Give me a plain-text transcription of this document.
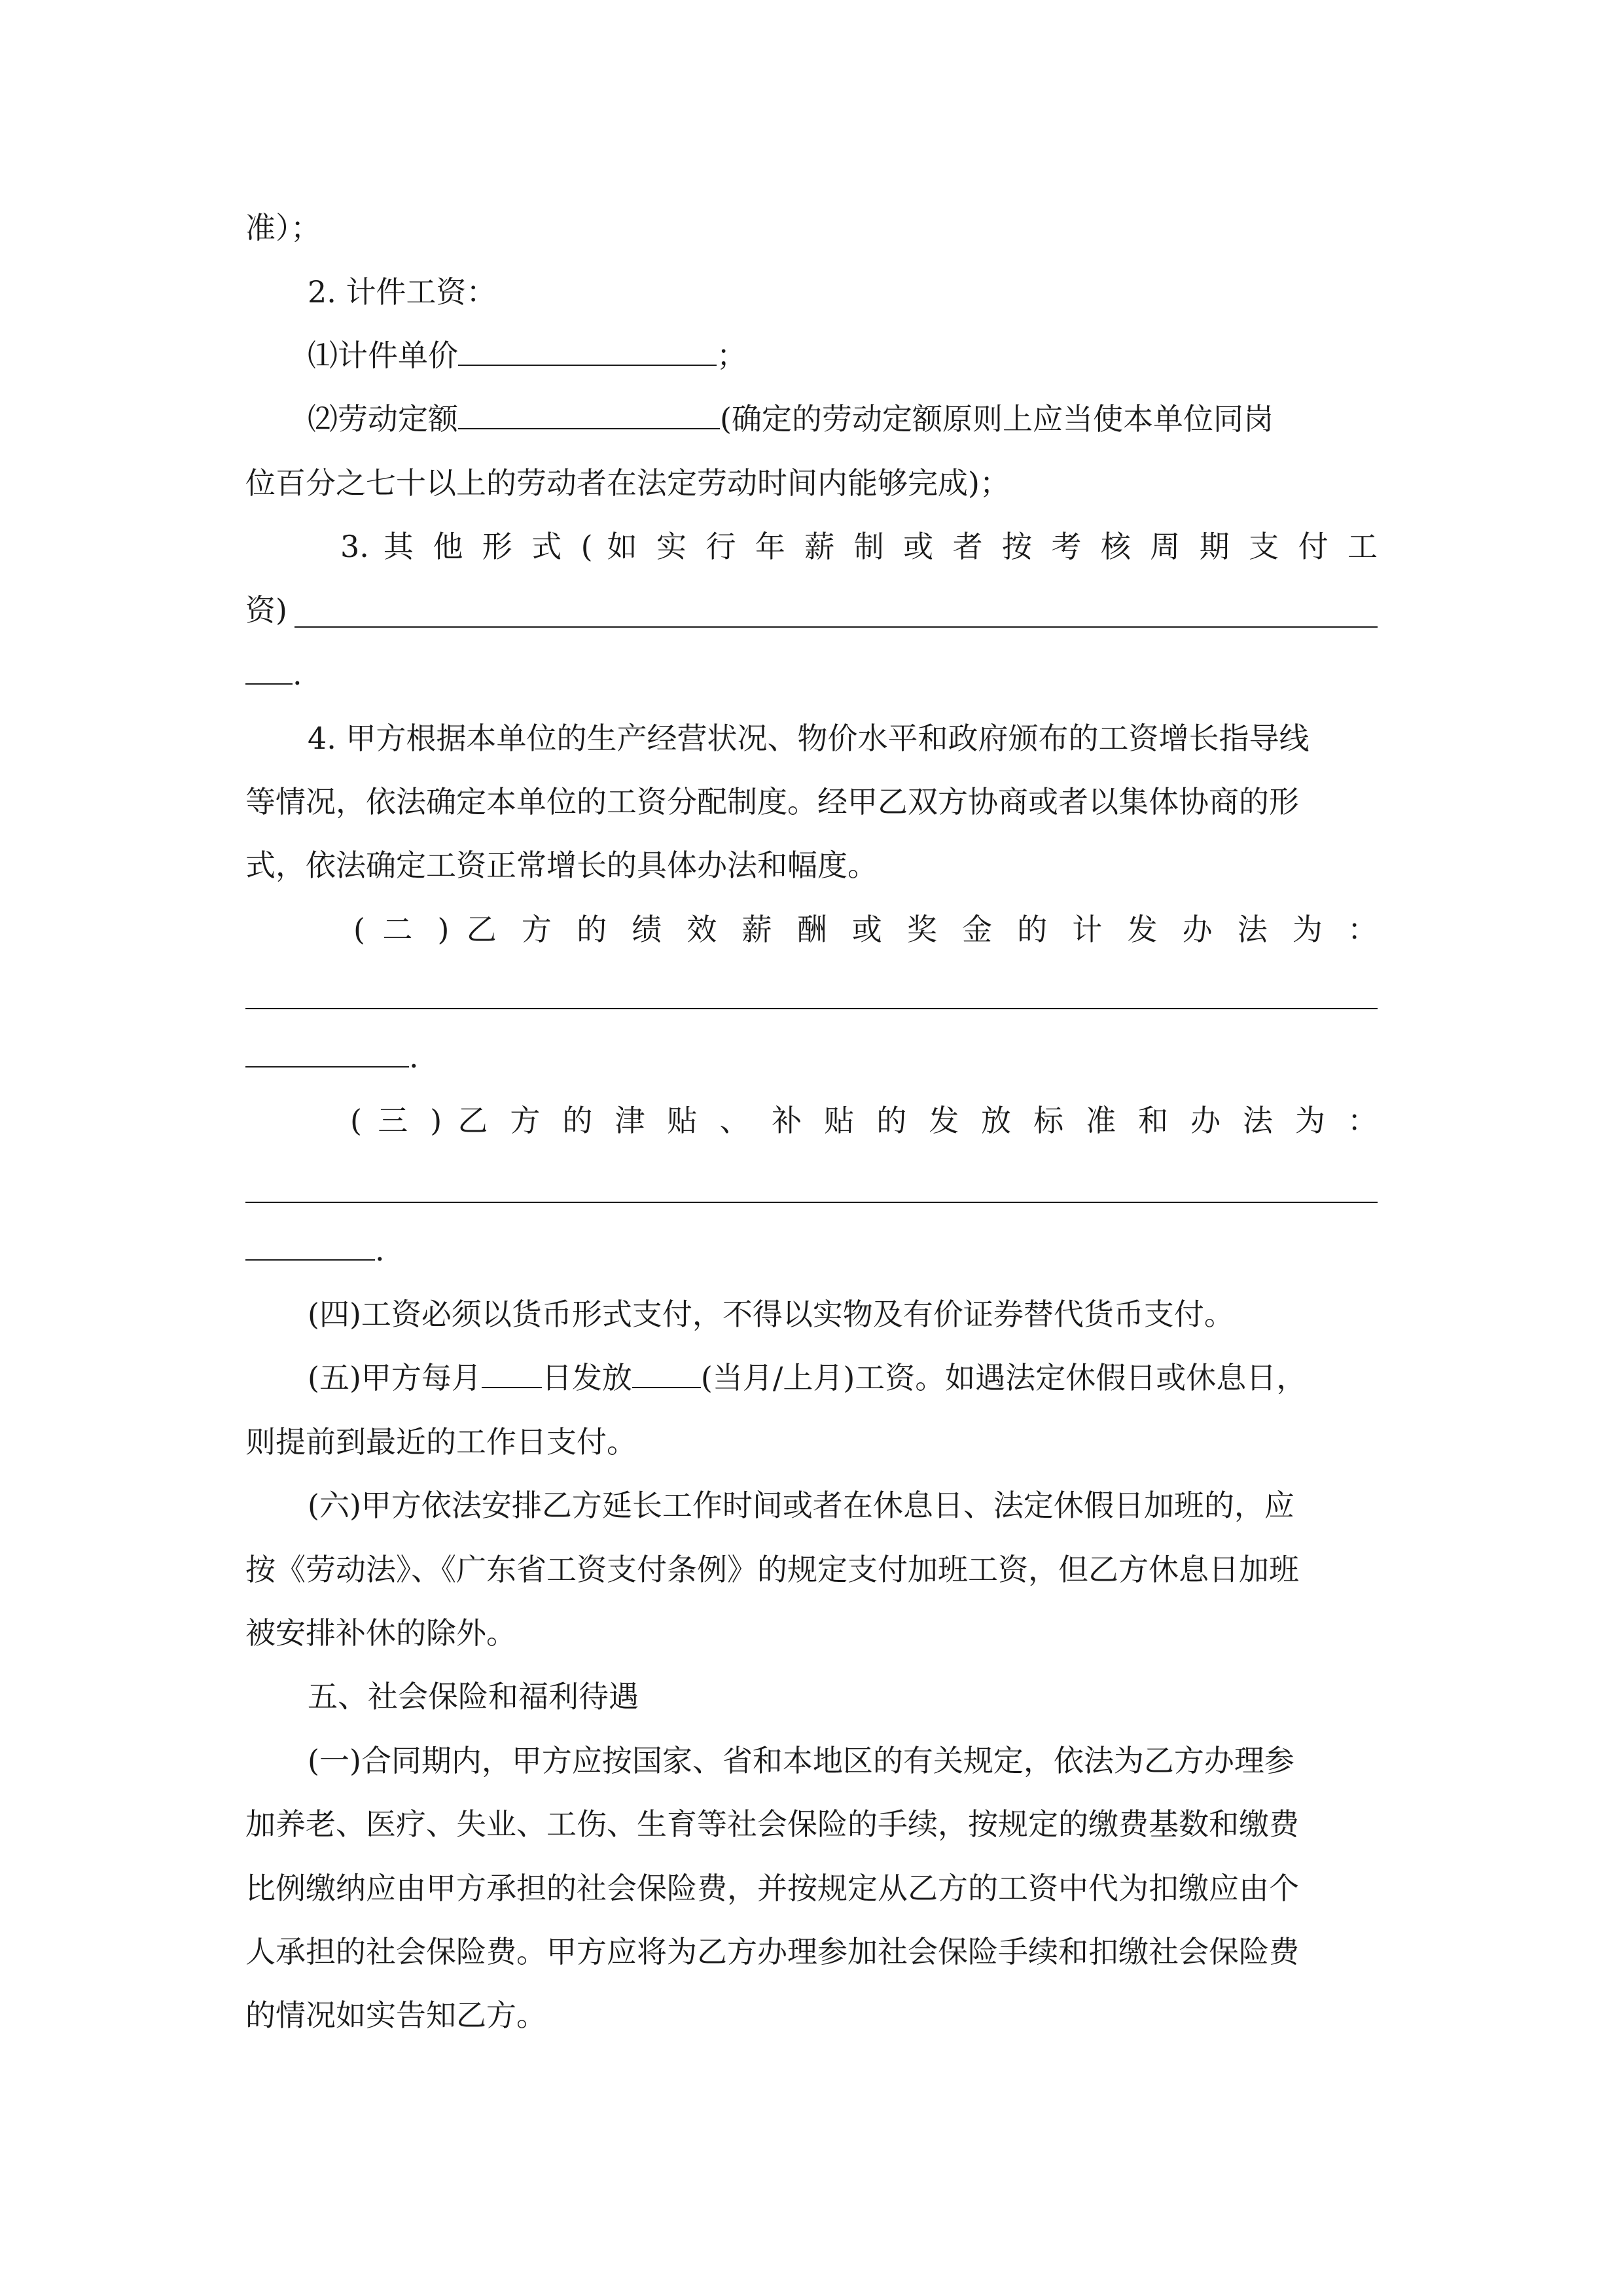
准）；
2. 计件工资：
⑴计件单价	；
⑵劳动定额	(确定的劳动定额原则上应当使本单位同岗
位百分之七十以上的劳动者在法定劳动时间内能够完成)；
3. 其 他 形 式 ( 如 实 行 年 薪 制 或 者 按 考 核 周 期 支 付 工
资)
.
4. 甲方根据本单位的生产经营状况、物价水平和政府颁布的工资增长指导线
等情况，依法确定本单位的工资分配制度。经甲乙双方协商或者以集体协商的形
式，依法确定工资正常增长的具体办法和幅度。
( 二 ) 乙 方 的 绩 效 薪 酬 或 奖 金 的 计 发 办 法 为 ：
.
( 三 ) 乙 方 的 津 贴 、 补 贴 的 发 放 标 准 和 办 法 为 ：
.
(四)工资必须以货币形式支付，不得以实物及有价证券替代货币支付。
(五)甲方每月 日发放 (当月/上月)工资。如遇法定休假日或休息日，
则提前到最近的工作日支付。
(六)甲方依法安排乙方延长工作时间或者在休息日、法定休假日加班的，应
按《劳动法》、《广东省工资支付条例》的规定支付加班工资，但乙方休息日加班
被安排补休的除外。
五、社会保险和福利待遇
(一)合同期内，甲方应按国家、省和本地区的有关规定，依法为乙方办理参
加养老、医疗、失业、工伤、生育等社会保险的手续，按规定的缴费基数和缴费
比例缴纳应由甲方承担的社会保险费，并按规定从乙方的工资中代为扣缴应由个
人承担的社会保险费。甲方应将为乙方办理参加社会保险手续和扣缴社会保险费
的情况如实告知乙方。
